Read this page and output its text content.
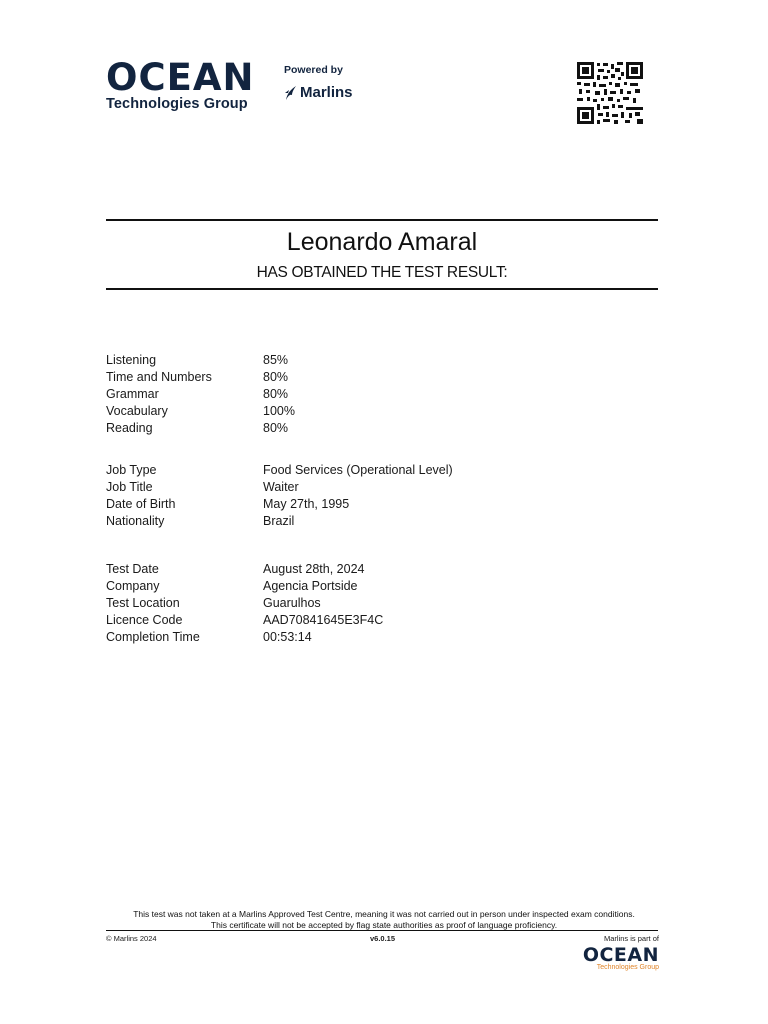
OCEAN
Technologies Group
Powered by
Marlins
Leonardo Amaral
HAS OBTAINED THE TEST RESULT:
Listening	85%
Time and Numbers	80%
Grammar	80%
Vocabulary	100%
Reading	80%
Job Type	Food Services (Operational Level)
Job Title	Waiter
Date of Birth	May 27th, 1995
Nationality	Brazil
Test Date	August 28th, 2024
Company	Agencia Portside
Test Location	Guarulhos
Licence Code	AAD70841645E3F4C
Completion Time	00:53:14
This test was not taken at a Marlins Approved Test Centre, meaning it was not carried out in person under inspected exam conditions.
This certificate will not be accepted by flag state authorities as proof of language proficiency.
© Marlins 2024	v6.0.15	Marlins is part of
OCEAN
Technologies Group
